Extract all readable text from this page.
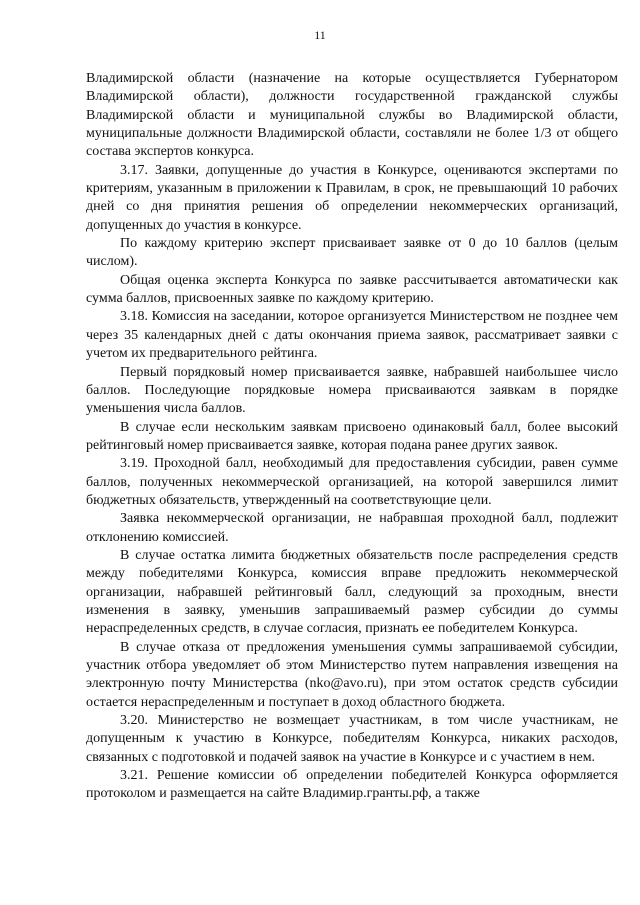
11

Владимирской области (назначение на которые осуществляется Губернатором Владимирской области), должности государственной гражданской службы Владимирской области и муниципальной службы во Владимирской области, муниципальные должности Владимирской области, составляли не более 1/3 от общего состава экспертов конкурса.

3.17. Заявки, допущенные до участия в Конкурсе, оцениваются экспертами по критериям, указанным в приложении к Правилам, в срок, не превышающий 10 рабочих дней со дня принятия решения об определении некоммерческих организаций, допущенных до участия в конкурсе.

По каждому критерию эксперт присваивает заявке от 0 до 10 баллов (целым числом).

Общая оценка эксперта Конкурса по заявке рассчитывается автоматически как сумма баллов, присвоенных заявке по каждому критерию.

3.18. Комиссия на заседании, которое организуется Министерством не позднее чем через 35 календарных дней с даты окончания приема заявок, рассматривает заявки с учетом их предварительного рейтинга.

Первый порядковый номер присваивается заявке, набравшей наибольшее число баллов. Последующие порядковые номера присваиваются заявкам в порядке уменьшения числа баллов.

В случае если нескольким заявкам присвоено одинаковый балл, более высокий рейтинговый номер присваивается заявке, которая подана ранее других заявок.

3.19. Проходной балл, необходимый для предоставления субсидии, равен сумме баллов, полученных некоммерческой организацией, на которой завершился лимит бюджетных обязательств, утвержденный на соответствующие цели.

Заявка некоммерческой организации, не набравшая проходной балл, подлежит отклонению комиссией.

В случае остатка лимита бюджетных обязательств после распределения средств между победителями Конкурса, комиссия вправе предложить некоммерческой организации, набравшей рейтинговый балл, следующий за проходным, внести изменения в заявку, уменьшив запрашиваемый размер субсидии до суммы нераспределенных средств, в случае согласия, признать ее победителем Конкурса.

В случае отказа от предложения уменьшения суммы запрашиваемой субсидии, участник отбора уведомляет об этом Министерство путем направления извещения на электронную почту Министерства (nko@avo.ru), при этом остаток средств субсидии остается нераспределенным и поступает в доход областного бюджета.

3.20. Министерство не возмещает участникам, в том числе участникам, не допущенным к участию в Конкурсе, победителям Конкурса, никаких расходов, связанных с подготовкой и подачей заявок на участие в Конкурсе и с участием в нем.

3.21. Решение комиссии об определении победителей Конкурса оформляется протоколом и размещается на сайте Владимир.гранты.рф, а также
